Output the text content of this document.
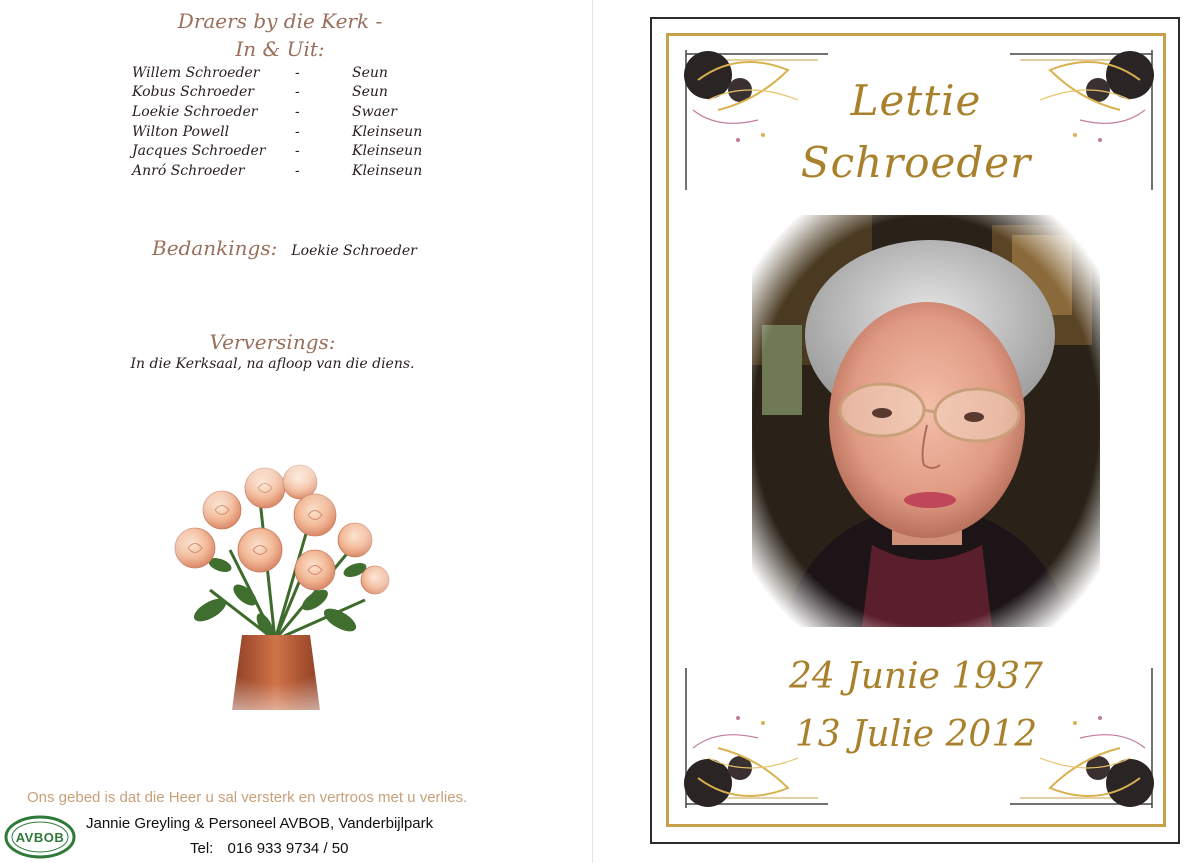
Draers by die Kerk -
In & Uit:
Willem Schroeder	-	Seun
Kobus Schroeder	-	Seun
Loekie Schroeder	-	Swaer
Wilton Powell	-	Kleinseun
Jacques Schroeder	-	Kleinseun
Anró Schroeder	-	Kleinseun
Bedankings: Loekie Schroeder
Verversings:
In die Kerksaal, na afloop van die diens.
Ons gebed is dat die Heer u sal versterk en vertroos met u verlies.
AVBOB
Jannie Greyling & Personeel AVBOB, Vanderbijlpark
Tel: 016 933 9734 / 50
Lettie
Schroeder
24 Junie 1937
13 Julie 2012
